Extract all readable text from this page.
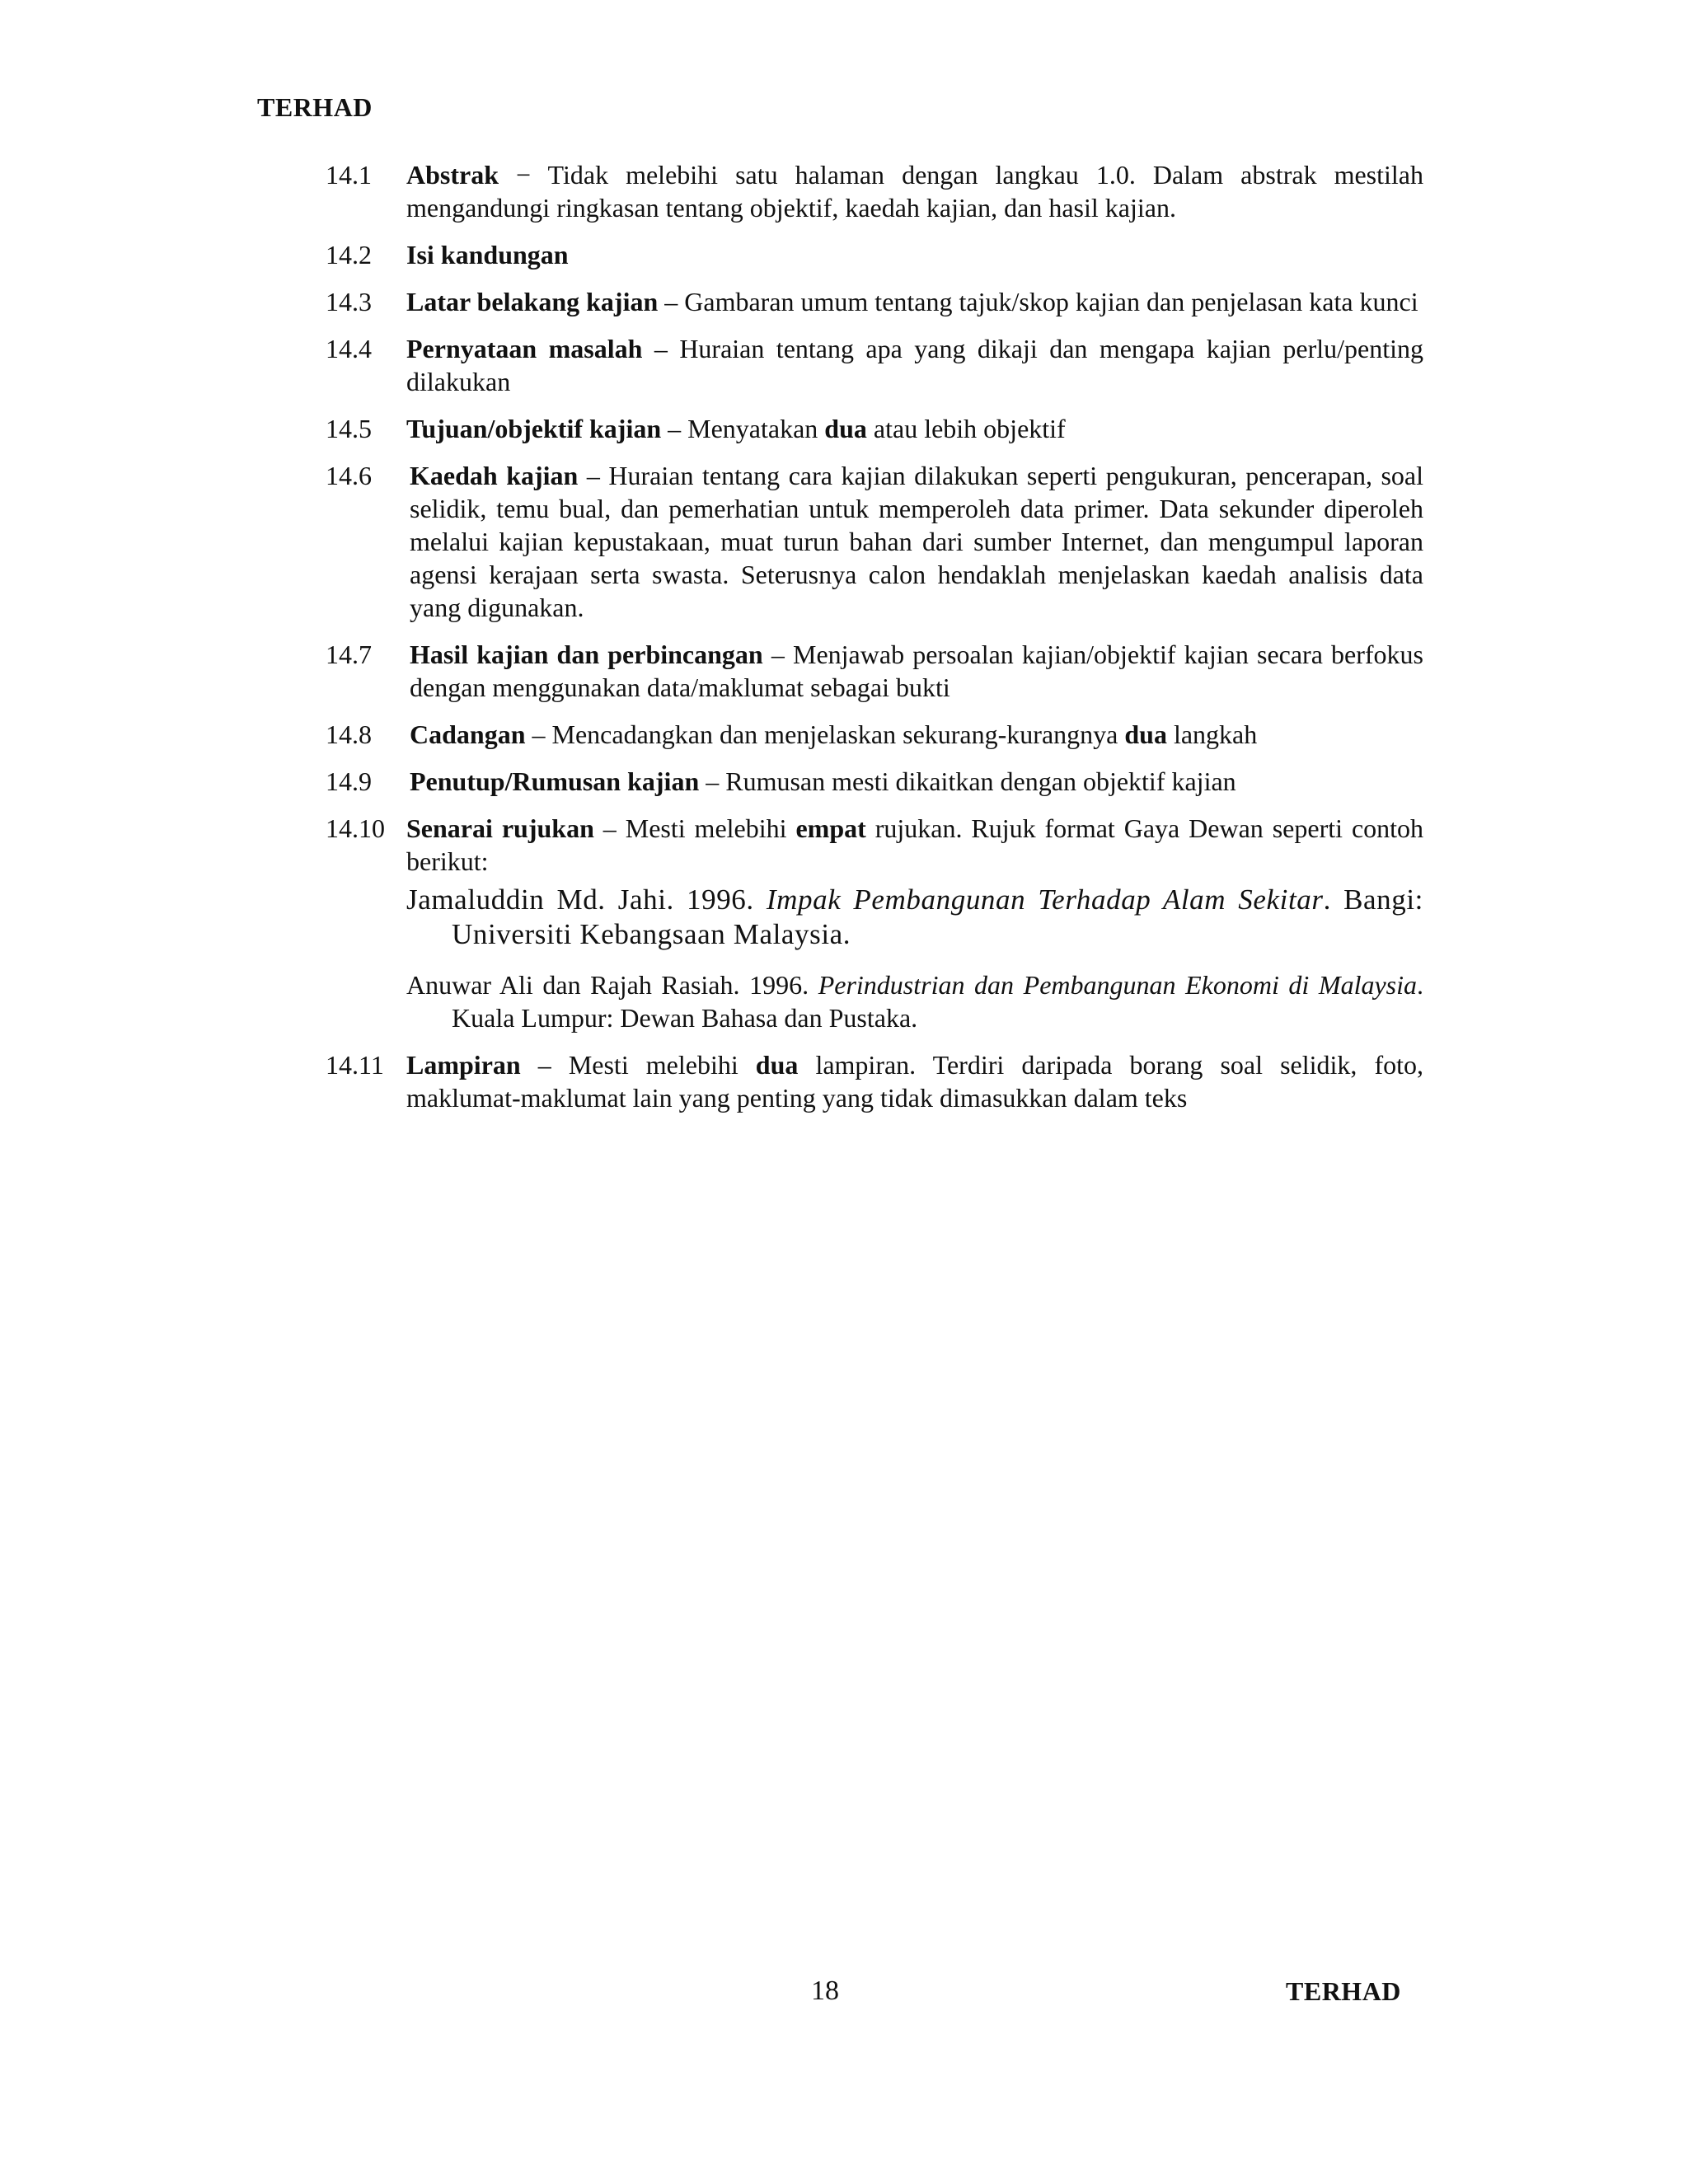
TERHAD
14.1	Abstrak − Tidak melebihi satu halaman dengan langkau 1.0. Dalam abstrak mestilah mengandungi ringkasan tentang objektif, kaedah kajian, dan hasil kajian.
14.2	Isi kandungan
14.3	Latar belakang kajian – Gambaran umum tentang tajuk/skop kajian dan penjelasan kata kunci
14.4	Pernyataan masalah – Huraian tentang apa yang dikaji dan mengapa kajian perlu/penting dilakukan
14.5	Tujuan/objektif kajian – Menyatakan dua atau lebih objektif
14.6	Kaedah kajian – Huraian tentang cara kajian dilakukan seperti pengukuran, pencerapan, soal selidik, temu bual, dan pemerhatian untuk memperoleh data primer. Data sekunder diperoleh melalui kajian kepustakaan, muat turun bahan dari sumber Internet, dan mengumpul laporan agensi kerajaan serta swasta. Seterusnya calon hendaklah menjelaskan kaedah analisis data yang digunakan.
14.7	Hasil kajian dan perbincangan – Menjawab persoalan kajian/objektif kajian secara berfokus dengan menggunakan data/maklumat sebagai bukti
14.8	Cadangan – Mencadangkan dan menjelaskan sekurang-kurangnya dua langkah
14.9	Penutup/Rumusan kajian – Rumusan mesti dikaitkan dengan objektif kajian
14.10 Senarai rujukan – Mesti melebihi empat rujukan. Rujuk format Gaya Dewan seperti contoh berikut:
Jamaluddin Md. Jahi. 1996. Impak Pembangunan Terhadap Alam Sekitar. Bangi: Universiti Kebangsaan Malaysia.
Anuwar Ali dan Rajah Rasiah. 1996. Perindustrian dan Pembangunan Ekonomi di Malaysia. Kuala Lumpur: Dewan Bahasa dan Pustaka.
14.11 Lampiran – Mesti melebihi dua lampiran. Terdiri daripada borang soal selidik, foto, maklumat-maklumat lain yang penting yang tidak dimasukkan dalam teks
18	TERHAD
